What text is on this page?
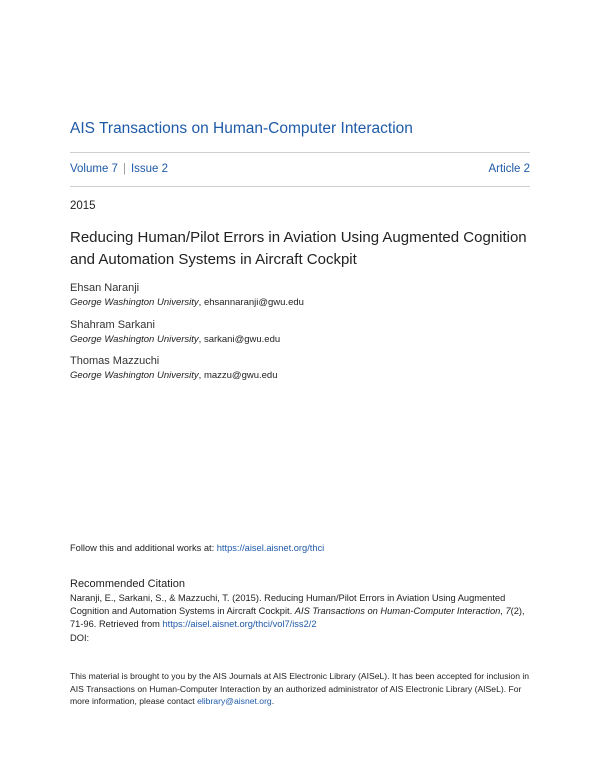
AIS Transactions on Human-Computer Interaction
Volume 7 | Issue 2	Article 2
2015
Reducing Human/Pilot Errors in Aviation Using Augmented Cognition and Automation Systems in Aircraft Cockpit
Ehsan Naranji
George Washington University, ehsannaranji@gwu.edu
Shahram Sarkani
George Washington University, sarkani@gwu.edu
Thomas Mazzuchi
George Washington University, mazzu@gwu.edu
Follow this and additional works at: https://aisel.aisnet.org/thci
Recommended Citation
Naranji, E., Sarkani, S., & Mazzuchi, T. (2015). Reducing Human/Pilot Errors in Aviation Using Augmented Cognition and Automation Systems in Aircraft Cockpit. AIS Transactions on Human-Computer Interaction, 7(2), 71-96. Retrieved from https://aisel.aisnet.org/thci/vol7/iss2/2
DOI:
This material is brought to you by the AIS Journals at AIS Electronic Library (AISeL). It has been accepted for inclusion in AIS Transactions on Human-Computer Interaction by an authorized administrator of AIS Electronic Library (AISeL). For more information, please contact elibrary@aisnet.org.
